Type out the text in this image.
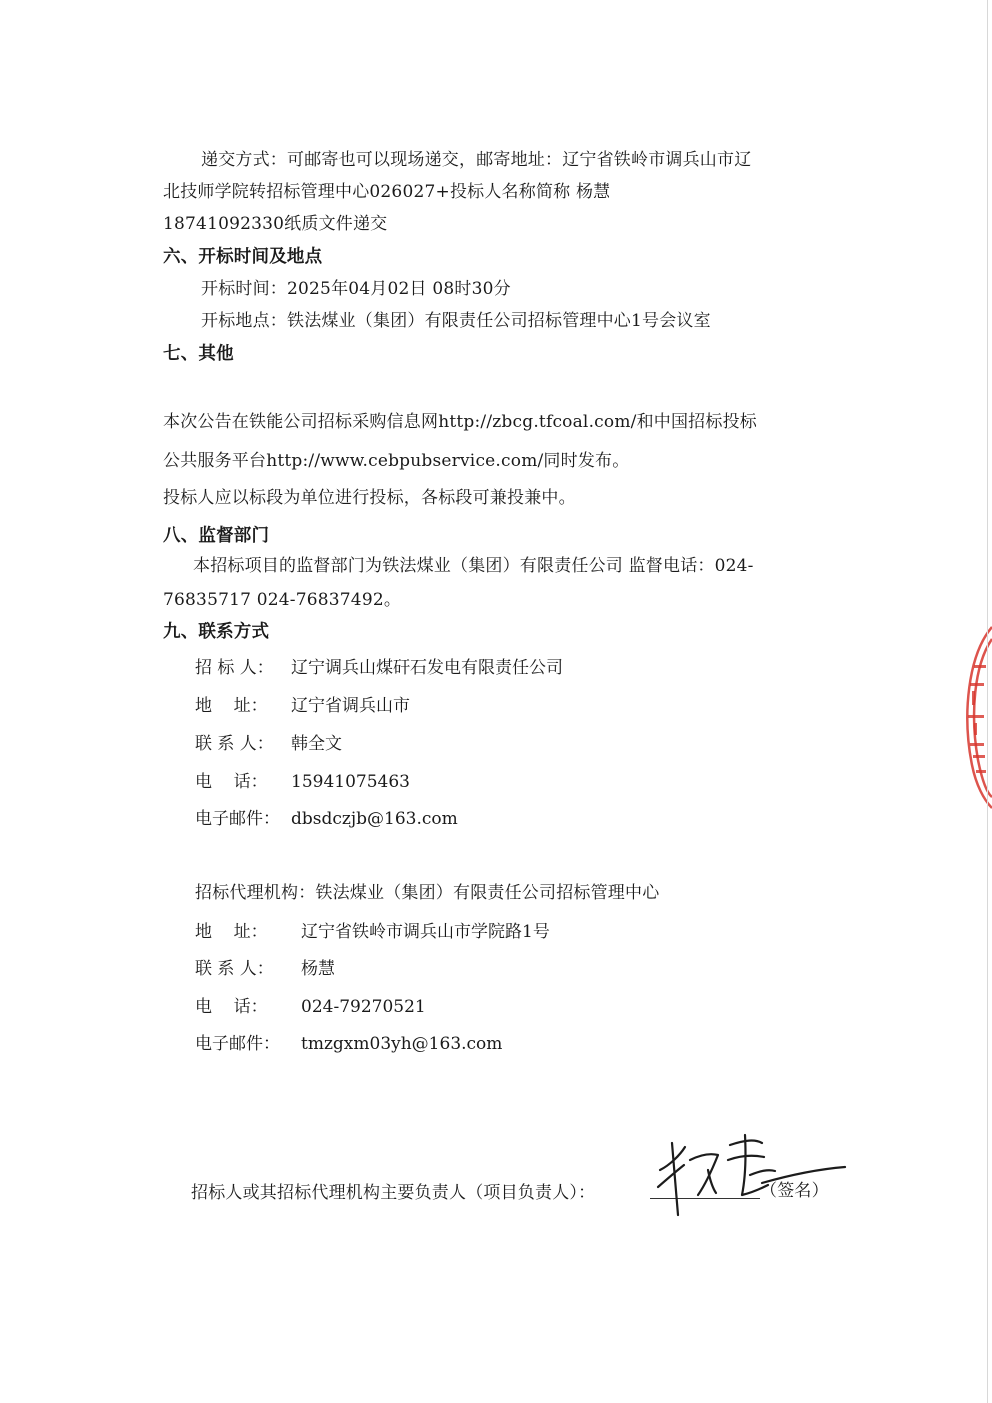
递交方式：可邮寄也可以现场递交，邮寄地址：辽宁省铁岭市调兵山市辽
北技师学院转招标管理中心026027+投标人名称简称 杨慧
18741092330纸质文件递交
六、开标时间及地点
开标时间：2025年04月02日 08时30分
开标地点：铁法煤业（集团）有限责任公司招标管理中心1号会议室
七、其他
本次公告在铁能公司招标采购信息网http://zbcg.tfcoal.com/和中国招标投标
公共服务平台http://www.cebpubservice.com/同时发布。
投标人应以标段为单位进行投标，各标段可兼投兼中。
八、监督部门
本招标项目的监督部门为铁法煤业（集团）有限责任公司 监督电话：024-
76835717 024-76837492。
九、联系方式
招 标 人： 辽宁调兵山煤矸石发电有限责任公司
地    址： 辽宁省调兵山市
联 系 人： 韩全文
电    话： 15941075463
电子邮件： dbsdczjb@163.com
招标代理机构：铁法煤业（集团）有限责任公司招标管理中心
地    址： 辽宁省铁岭市调兵山市学院路1号
联 系 人： 杨慧
电    话： 024-79270521
电子邮件： tmzgxm03yh@163.com
招标人或其招标代理机构主要负责人（项目负责人）：	（签名）
